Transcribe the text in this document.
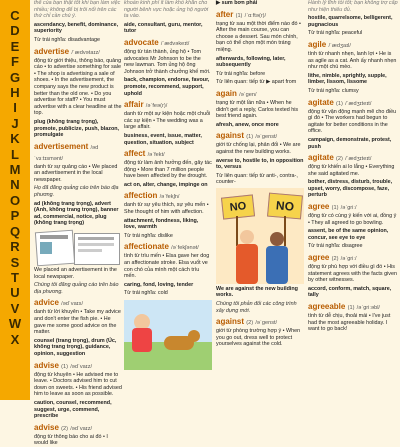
C
D
E
F
G
H
I
J
K
L
M
N
O
P
Q
R
S
T
U
V
W
X

thể của bạn thật tốt khi bạn làm việc nhiều; không để bị trôi nổi trên các thứ chỉ cần chú ý.

ascendancy, benefit, dominance, superiority

Từ trái nghĩa: disadvantage

advertise /ˈædvətaɪz/

động từ giới thiệu, thông báo, quảng cáo • to advertise something for sale • The shop is advertising a sale of shoes. • In the advertisement, the company says the new product is better than the old one. • Do you advertise for staff? • You must advertise with a clear headline at the top.

plug (không trang trọng), promote, publicize, push, blazon, promulgate

advertisement /ədˈvɜːtɪsmənt/

danh từ sự quảng cáo • We placed an advertisement in the local newspaper.

Họ đã đăng quảng cáo trên báo địa phương.

ad (không trang trọng), advert (Anh, không trang trọng), banner ad, commercial, notice, plug (không trang trọng)

We placed an advertisement in the local newspaper.

Chúng tôi đăng quảng cáo trên báo địa phương.

advice /ədˈvaɪs/

danh từ lời khuyên • Take my advice and don't enter the fish pie. • He gave me some good advice on the matter.

counsel (trang trọng), drum (Úc, không trang trọng), guidance, opinion, suggestion

advise (1) /ədˈvaɪz/

động từ khuyên • He advised me to leave. • Doctors advised him to cut down on sweets. • His friend advised him to leave as soon as possible.

caution, counsel, recommend, suggest, urge, commend, prescribe

advise (2) /ədˈvaɪz/

động từ thông báo cho ai đó • I would like

khoản kinh phí ít làm khó khăn cho người bênh vực hoặc ủng hộ người ta vào.

aide, consultant, guru, mentor, tutor

advocate /ˈædvəkeɪt/

động từ tán thành, ủng hộ • Tom advocates Mr Johnson to be the new lawman. Tom ủng hộ ông Johnson trở thành chưởng khế mới.

back, champion, endorse, favour, promote, recommend, support, uphold

affair /əˈfeə(r)/

danh từ một sự kiện hoặc một chuỗi các sự kiện • The wedding was a large affair.

business, event, issue, matter, question, situation, subject

affect /əˈfekt/

động từ làm ảnh hưởng đến, gây tác động • More than 7 million people have been affected by the drought.

act on, alter, change, impinge on

affection /əˈfekʃn/

danh từ sự yêu thích, sự yêu mến • She thought of him with affection.

attachment, fondness, liking, love, warmth

Từ trái nghĩa: dislike

affectionate /əˈfekʃənət/

tính từ trìu mến • Elsa gave her dog an affectionate stroke. Elsa vuốt ve con chó của mình một cách trìu mến.

caring, fond, loving, tender

Từ trái nghĩa: cold

▶ sum bơn phải

after (1) /ˈɑːftə(r)/

trạng từ sau một thời điểm nào đó • After the main course, you can choose a dessert. Sau món chính, bạn có thể chọn một món tráng miệng.

afterwards, following, later, subsequently

Từ trái nghĩa: before

Từ liên quan: tiếp từ ▶ apart from

again /əˈgen/

trạng từ một lần nữa • When he didn't get a reply, Carlos texted his best friend again.

afresh, anew, once more

against (1) /əˈgenst/

giới từ chống lại, phản đối • We are against the new building works.

averse to, hostile to, in opposition to, versus

Từ liên quan: tiếp từ anti-, contra-, counter-

NO NO

We are against the new building works.

Chúng tôi phản đối các công trình xây dựng mới.

against (2) /əˈgenst/

giới từ phòng trường hợp ý • When you go out, dress well to protect yourselves against the cold.

Hành lý tĩnh tồi tốt; bạn không trợ cấp như hiện thiếu đủ.

hostile, quarrelsome, belligerent, pugnacious

Từ trái nghĩa: peaceful

agile /ˈædʒaɪl/

tính từ nhanh nhẹn, lanh lợi • He is as agile as a cat. Anh ấy nhanh nhẹn như một chú mèo.

lithe, nimble, sprightly, supple, limber, lissom, lissome

Từ trái nghĩa: clumsy

agitate (1) /ˈædʒɪteɪt/

động từ vận động mạnh mẽ cho điều gì đó • The workers had begun to agitate for better conditions in the office.

campaign, demonstrate, protest, push

agitate (2) /ˈædʒɪteɪt/

động từ khiến ai lo lắng • Everything she said agitated me.

bother, distress, disturb, trouble, upset, worry, discompose, faze, perturb

agree (1) /əˈgriː/

động từ có cùng ý kiến với ai, đồng ý • They all agreed to go bowling.

assent, be of the same opinion, concur, see eye to eye

Từ trái nghĩa: disagree

agree (2) /əˈgriː/

động từ phù hợp với điều gì đó • His statement agrees with the facts given by other witnesses.

accord, conform, match, square, tally

agreeable (1) /əˈgriːəbl/

tính từ dễ chịu, thoải mái • I've just had the most agreeable holiday. I want to go back!
